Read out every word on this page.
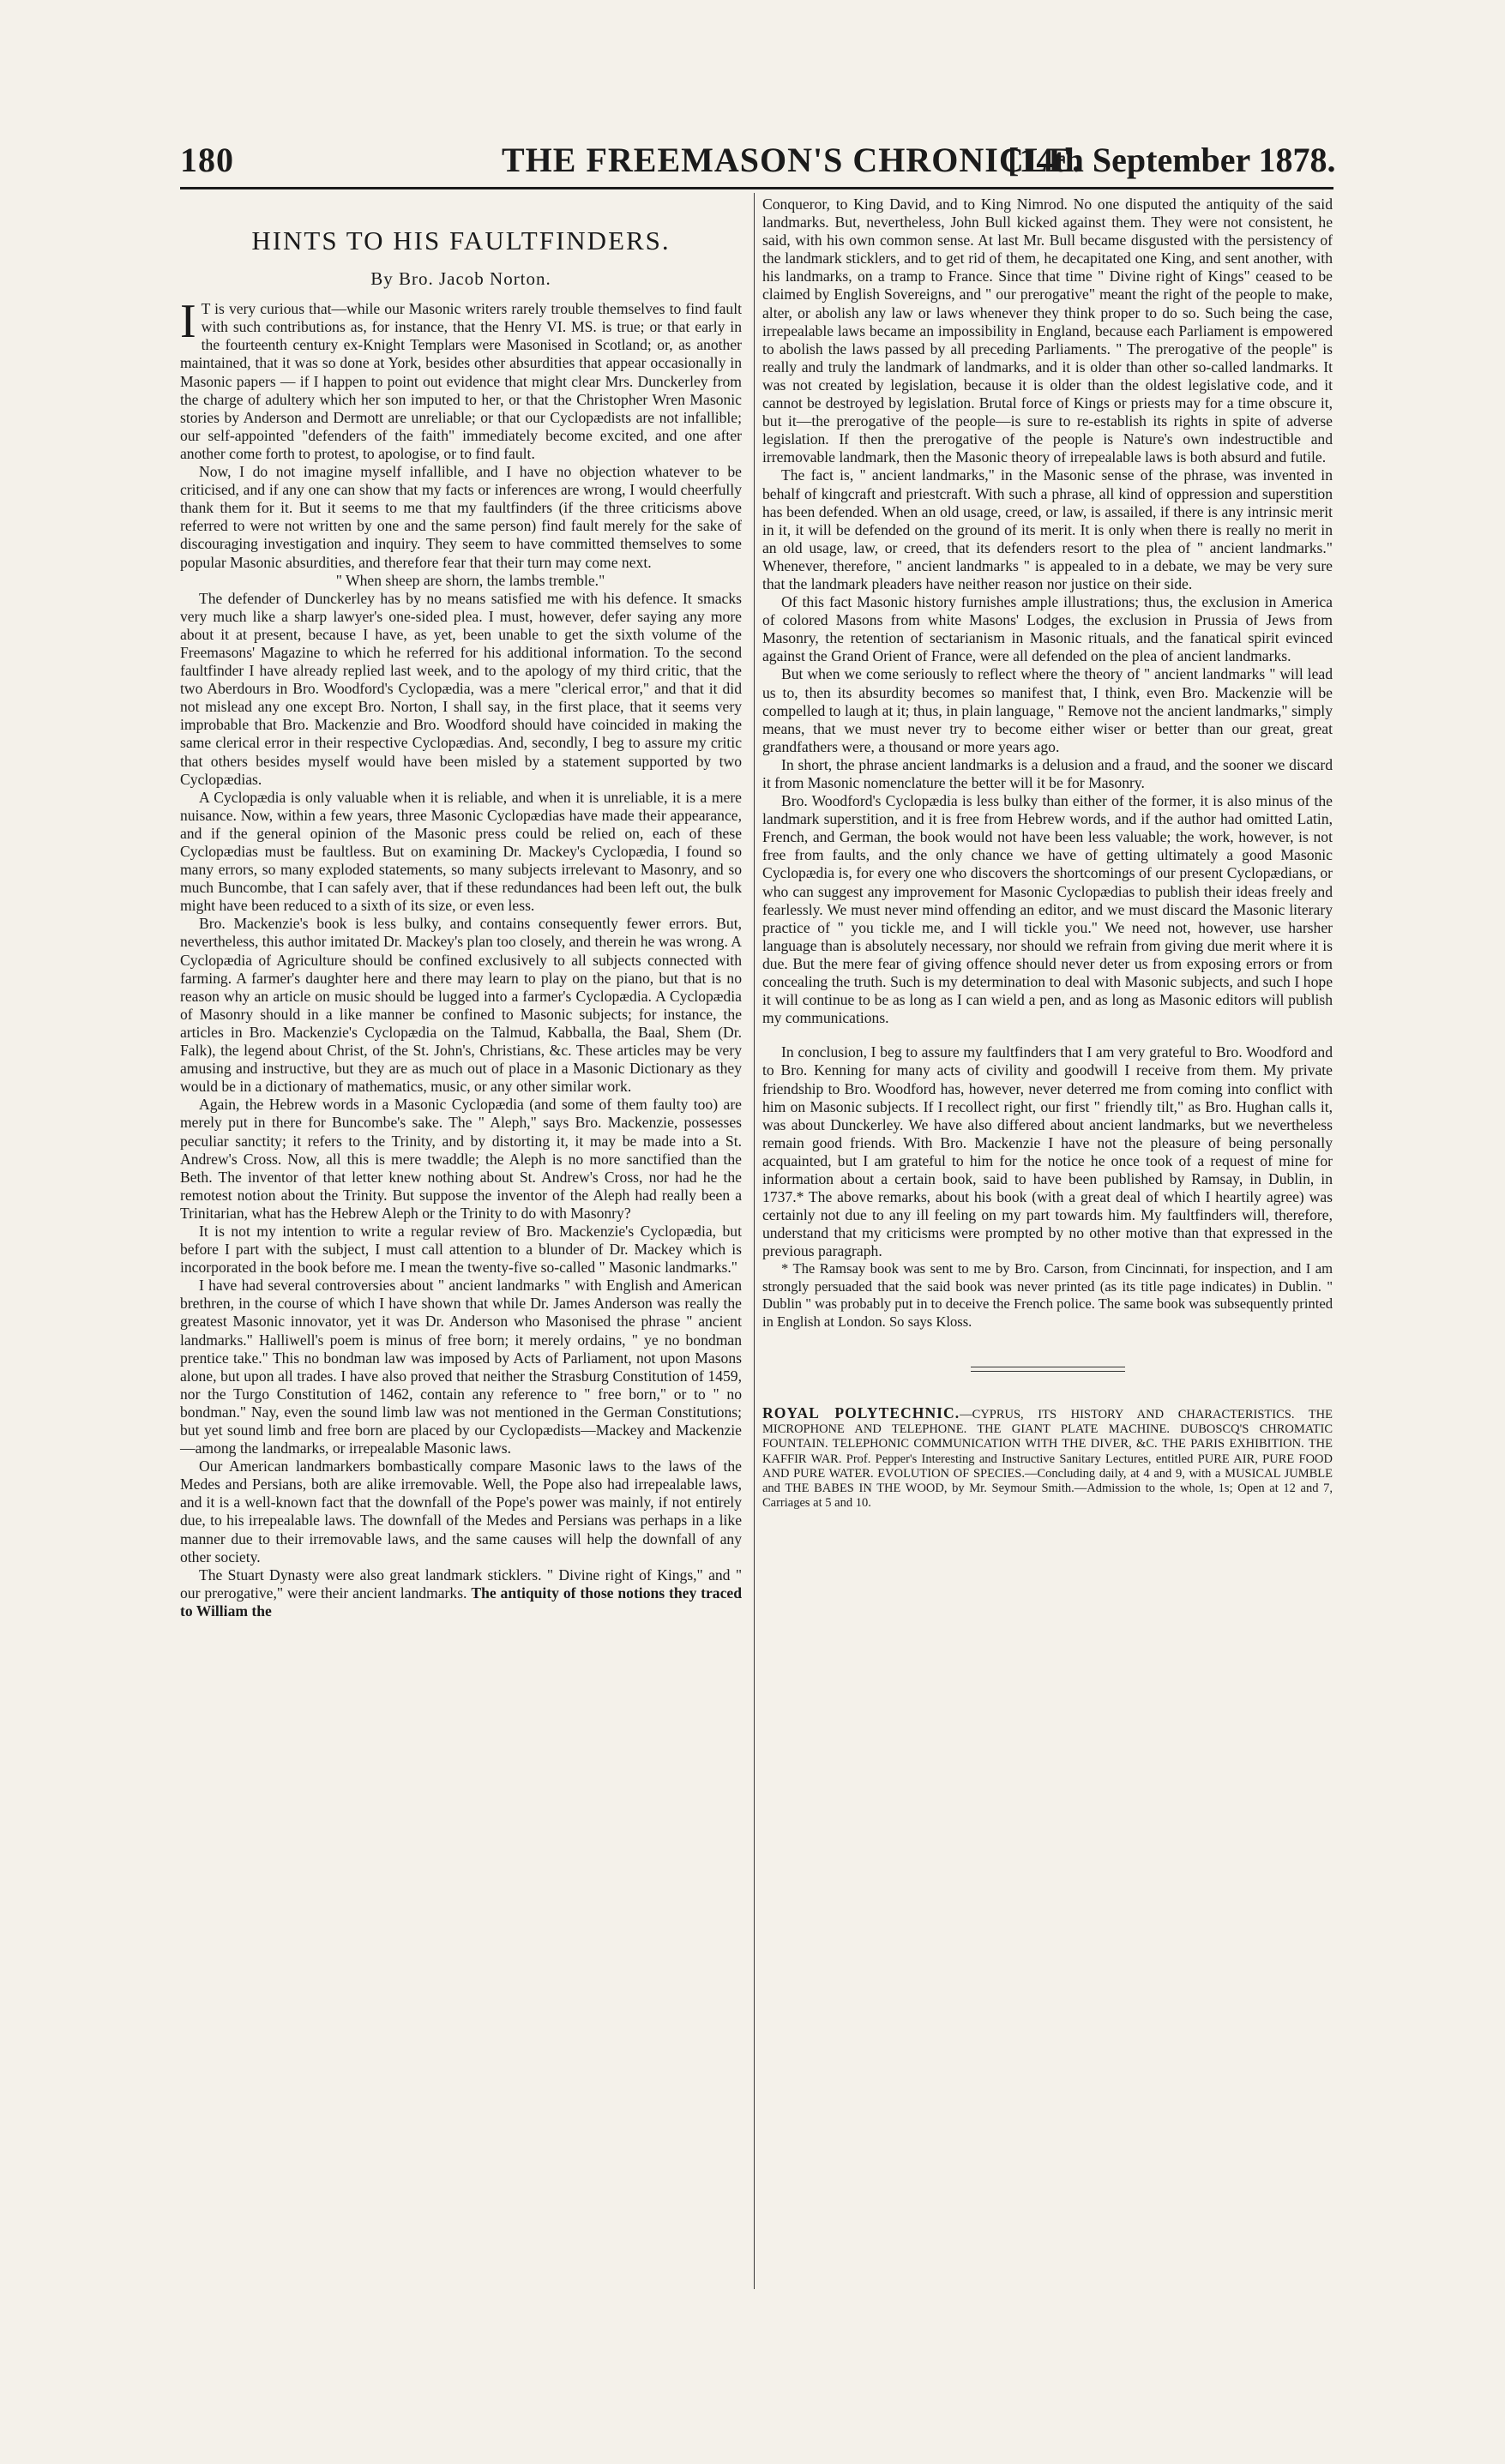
180	THE FREEMASON'S CHRONICLE.
[14th September 1878.
HINTS TO HIS FAULTFINDERS.
By Bro. Jacob Norton.

I T is very curious that—while our Masonic writers rarely trouble themselves to find fault with such contributions as, for instance, that the Henry VI. MS. is true; or that early in the fourteenth century ex-Knight Templars were Masonised in Scotland; or, as another maintained, that it was so done at York, besides other absurdities that appear occasionally in Masonic papers — if I happen to point out evidence that might clear Mrs. Dunckerley from the charge of adultery which her son imputed to her, or that the Christopher Wren Masonic stories by Anderson and Dermott are unreliable; or that our Cyclopædists are not infallible; our self-appointed "defenders of the faith" immediately become excited, and one after another come forth to protest, to apologise, or to find fault.

Now, I do not imagine myself infallible, and I have no objection whatever to be criticised, and if any one can show that my facts or inferences are wrong, I would cheerfully thank them for it. But it seems to me that my faultfinders (if the three criticisms above referred to were not written by one and the same person) find fault merely for the sake of discouraging investigation and inquiry. They seem to have committed themselves to some popular Masonic absurdities, and therefore fear that their turn may come next.

" When sheep are shorn, the lambs tremble."

The defender of Dunckerley has by no means satisfied me with his defence. It smacks very much like a sharp lawyer's one-sided plea. I must, however, defer saying any more about it at present, because I have, as yet, been unable to get the sixth volume of the Freemasons' Magazine to which he referred for his additional information. To the second faultfinder I have already replied last week, and to the apology of my third critic, that the two Aberdours in Bro. Woodford's Cyclopædia, was a mere "clerical error," and that it did not mislead any one except Bro. Norton, I shall say, in the first place, that it seems very improbable that Bro. Mackenzie and Bro. Woodford should have coincided in making the same clerical error in their respective Cyclopædias. And, secondly, I beg to assure my critic that others besides myself would have been misled by a statement supported by two Cyclopædias.

A Cyclopædia is only valuable when it is reliable, and when it is unreliable, it is a mere nuisance. Now, within a few years, three Masonic Cyclopædias have made their appearance, and if the general opinion of the Masonic press could be relied on, each of these Cyclopædias must be faultless. But on examining Dr. Mackey's Cyclopædia, I found so many errors, so many exploded statements, so many subjects irrelevant to Masonry, and so much Buncombe, that I can safely aver, that if these redundances had been left out, the bulk might have been reduced to a sixth of its size, or even less.

Bro. Mackenzie's book is less bulky, and contains consequently fewer errors. But, nevertheless, this author imitated Dr. Mackey's plan too closely, and therein he was wrong. A Cyclopædia of Agriculture should be confined exclusively to all subjects connected with farming. A farmer's daughter here and there may learn to play on the piano, but that is no reason why an article on music should be lugged into a farmer's Cyclopædia. A Cyclopædia of Masonry should in a like manner be confined to Masonic subjects; for instance, the articles in Bro. Mackenzie's Cyclopædia on the Talmud, Kabballa, the Baal, Shem (Dr. Falk), the legend about Christ, of the St. John's, Christians, &c. These articles may be very amusing and instructive, but they are as much out of place in a Masonic Dictionary as they would be in a dictionary of mathematics, music, or any other similar work.

Again, the Hebrew words in a Masonic Cyclopædia (and some of them faulty too) are merely put in there for Buncombe's sake. The " Aleph," says Bro. Mackenzie, possesses peculiar sanctity; it refers to the Trinity, and by distorting it, it may be made into a St. Andrew's Cross. Now, all this is mere twaddle; the Aleph is no more sanctified than the Beth. The inventor of that letter knew nothing about St. Andrew's Cross, nor had he the remotest notion about the Trinity. But suppose the inventor of the Aleph had really been a Trinitarian, what has the Hebrew Aleph or the Trinity to do with Masonry?

It is not my intention to write a regular review of Bro. Mackenzie's Cyclopædia, but before I part with the subject, I must call attention to a blunder of Dr. Mackey which is incorporated in the book before me. I mean the twenty-five so-called " Masonic landmarks."

I have had several controversies about " ancient landmarks " with English and American brethren, in the course of which I have shown that while Dr. James Anderson was really the greatest Masonic innovator, yet it was Dr. Anderson who Masonised the phrase " ancient landmarks." Halliwell's poem is minus of free born; it merely ordains, " ye no bondman prentice take." This no bondman law was imposed by Acts of Parliament, not upon Masons alone, but upon all trades. I have also proved that neither the Strasburg Constitution of 1459, nor the Turgo Constitution of 1462, contain any reference to " free born," or to " no bondman." Nay, even the sound limb law was not mentioned in the German Constitutions; but yet sound limb and free born are placed by our Cyclopædists—Mackey and Mackenzie—among the landmarks, or irrepealable Masonic laws.

Our American landmarkers bombastically compare Masonic laws to the laws of the Medes and Persians, both are alike irremovable. Well, the Pope also had irrepealable laws, and it is a well-known fact that the downfall of the Pope's power was mainly, if not entirely due, to his irrepealable laws. The downfall of the Medes and Persians was perhaps in a like manner due to their irremovable laws, and the same causes will help the downfall of any other society.

The Stuart Dynasty were also great landmark sticklers. " Divine right of Kings," and " our prerogative," were their ancient landmarks. The antiquity of those notions they traced to William the

Conqueror, to King David, and to King Nimrod. No one disputed the antiquity of the said landmarks. But, nevertheless, John Bull kicked against them. They were not consistent, he said, with his own common sense. At last Mr. Bull became disgusted with the persistency of the landmark sticklers, and to get rid of them, he decapitated one King, and sent another, with his landmarks, on a tramp to France. Since that time " Divine right of Kings" ceased to be claimed by English Sovereigns, and " our prerogative" meant the right of the people to make, alter, or abolish any law or laws whenever they think proper to do so. Such being the case, irrepealable laws became an impossibility in England, because each Parliament is empowered to abolish the laws passed by all preceding Parliaments. " The prerogative of the people" is really and truly the landmark of landmarks, and it is older than other so-called landmarks. It was not created by legislation, because it is older than the oldest legislative code, and it cannot be destroyed by legislation. Brutal force of Kings or priests may for a time obscure it, but it—the prerogative of the people—is sure to re-establish its rights in spite of adverse legislation. If then the prerogative of the people is Nature's own indestructible and irremovable landmark, then the Masonic theory of irrepealable laws is both absurd and futile.

The fact is, " ancient landmarks," in the Masonic sense of the phrase, was invented in behalf of kingcraft and priestcraft. With such a phrase, all kind of oppression and superstition has been defended. When an old usage, creed, or law, is assailed, if there is any intrinsic merit in it, it will be defended on the ground of its merit. It is only when there is really no merit in an old usage, law, or creed, that its defenders resort to the plea of " ancient landmarks." Whenever, therefore, " ancient landmarks " is appealed to in a debate, we may be very sure that the landmark pleaders have neither reason nor justice on their side.

Of this fact Masonic history furnishes ample illustrations; thus, the exclusion in America of colored Masons from white Masons' Lodges, the exclusion in Prussia of Jews from Masonry, the retention of sectarianism in Masonic rituals, and the fanatical spirit evinced against the Grand Orient of France, were all defended on the plea of ancient landmarks.

But when we come seriously to reflect where the theory of " ancient landmarks " will lead us to, then its absurdity becomes so manifest that, I think, even Bro. Mackenzie will be compelled to laugh at it; thus, in plain language, " Remove not the ancient landmarks," simply means, that we must never try to become either wiser or better than our great, great grandfathers were, a thousand or more years ago.

In short, the phrase ancient landmarks is a delusion and a fraud, and the sooner we discard it from Masonic nomenclature the better will it be for Masonry.

Bro. Woodford's Cyclopædia is less bulky than either of the former, it is also minus of the landmark superstition, and it is free from Hebrew words, and if the author had omitted Latin, French, and German, the book would not have been less valuable; the work, however, is not free from faults, and the only chance we have of getting ultimately a good Masonic Cyclopædia is, for every one who discovers the shortcomings of our present Cyclopædians, or who can suggest any improvement for Masonic Cyclopædias to publish their ideas freely and fearlessly. We must never mind offending an editor, and we must discard the Masonic literary practice of " you tickle me, and I will tickle you." We need not, however, use harsher language than is absolutely necessary, nor should we refrain from giving due merit where it is due. But the mere fear of giving offence should never deter us from exposing errors or from concealing the truth. Such is my determination to deal with Masonic subjects, and such I hope it will continue to be as long as I can wield a pen, and as long as Masonic editors will publish my communications.

In conclusion, I beg to assure my faultfinders that I am very grateful to Bro. Woodford and to Bro. Kenning for many acts of civility and goodwill I receive from them. My private friendship to Bro. Woodford has, however, never deterred me from coming into conflict with him on Masonic subjects. If I recollect right, our first " friendly tilt," as Bro. Hughan calls it, was about Dunckerley. We have also differed about ancient landmarks, but we nevertheless remain good friends. With Bro. Mackenzie I have not the pleasure of being personally acquainted, but I am grateful to him for the notice he once took of a request of mine for information about a certain book, said to have been published by Ramsay, in Dublin, in 1737.* The above remarks, about his book (with a great deal of which I heartily agree) was certainly not due to any ill feeling on my part towards him. My faultfinders will, therefore, understand that my criticisms were prompted by no other motive than that expressed in the previous paragraph.

* The Ramsay book was sent to me by Bro. Carson, from Cincinnati, for inspection, and I am strongly persuaded that the said book was never printed (as its title page indicates) in Dublin. " Dublin " was probably put in to deceive the French police. The same book was subsequently printed in English at London. So says Kloss.

ROYAL POLYTECHNIC.—CYPRUS, ITS HISTORY AND CHARACTERISTICS. THE MICROPHONE AND TELEPHONE. THE GIANT PLATE MACHINE. DUBOSCQ'S CHROMATIC FOUNTAIN. TELEPHONIC COMMUNICATION WITH THE DIVER, &C. THE PARIS EXHIBITION. THE KAFFIR WAR. Prof. Pepper's Interesting and Instructive Sanitary Lectures, entitled PURE AIR, PURE FOOD AND PURE WATER. EVOLUTION OF SPECIES.—Concluding daily, at 4 and 9, with a MUSICAL JUMBLE and THE BABES IN THE WOOD, by Mr. Seymour Smith.—Admission to the whole, 1s; Open at 12 and 7, Carriages at 5 and 10.
